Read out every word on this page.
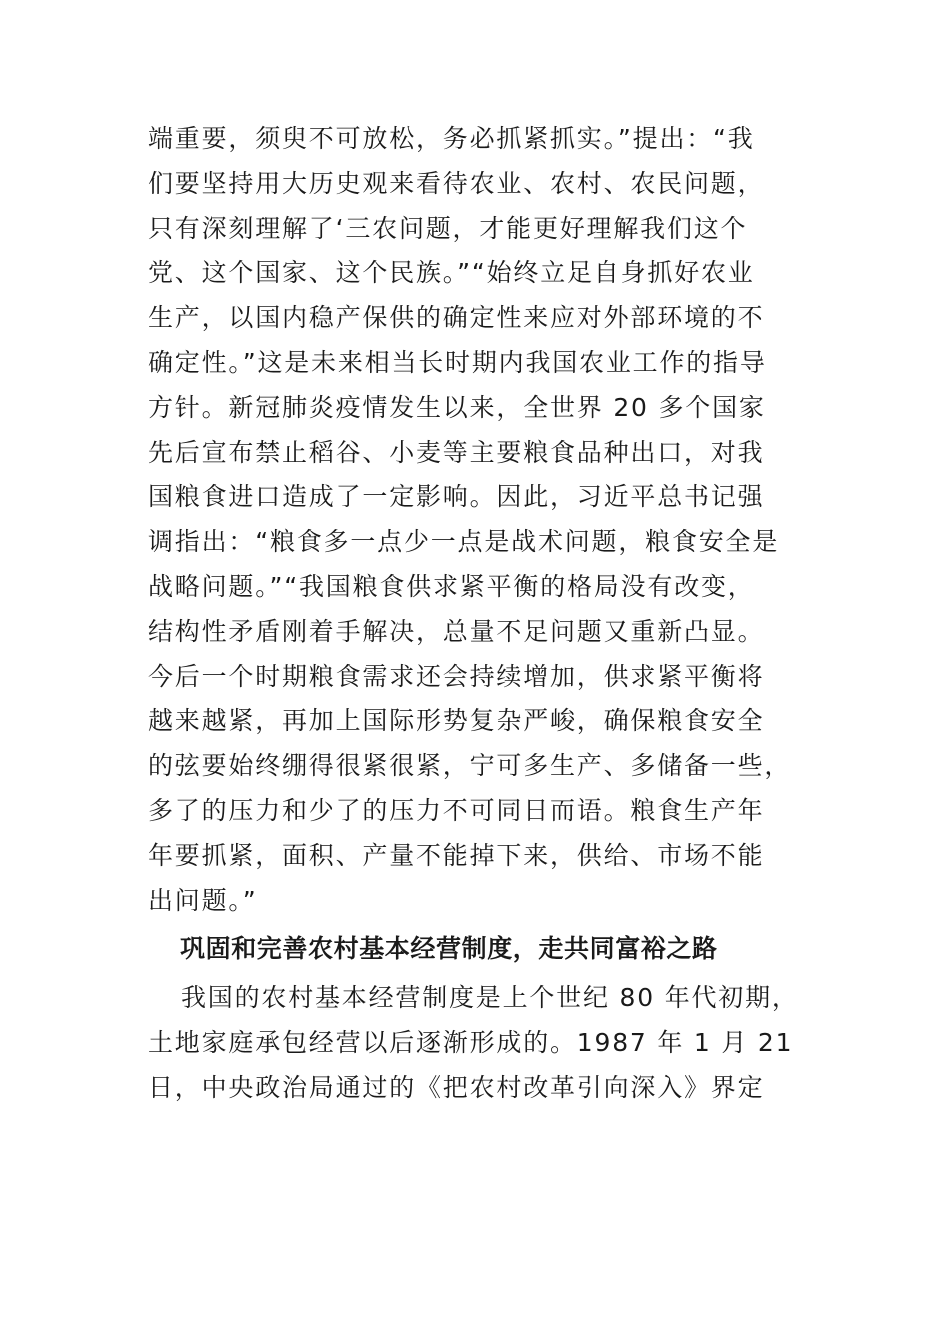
端重要，须臾不可放松，务必抓紧抓实。”提出：“我
们要坚持用大历史观来看待农业、农村、农民问题，
只有深刻理解了‘三农问题，才能更好理解我们这个
党、这个国家、这个民族。”“始终立足自身抓好农业
生产，以国内稳产保供的确定性来应对外部环境的不
确定性。”这是未来相当长时期内我国农业工作的指导
方针。新冠肺炎疫情发生以来，全世界 20 多个国家
先后宣布禁止稻谷、小麦等主要粮食品种出口，对我
国粮食进口造成了一定影响。因此，习近平总书记强
调指出：“粮食多一点少一点是战术问题，粮食安全是
战略问题。”“我国粮食供求紧平衡的格局没有改变，
结构性矛盾刚着手解决，总量不足问题又重新凸显。
今后一个时期粮食需求还会持续增加，供求紧平衡将
越来越紧，再加上国际形势复杂严峻，确保粮食安全
的弦要始终绷得很紧很紧，宁可多生产、多储备一些，
多了的压力和少了的压力不可同日而语。粮食生产年
年要抓紧，面积、产量不能掉下来，供给、市场不能
出问题。”
巩固和完善农村基本经营制度，走共同富裕之路
我国的农村基本经营制度是上个世纪 80 年代初期，
土地家庭承包经营以后逐渐形成的。1987 年 1 月 21
日，中央政治局通过的《把农村改革引向深入》界定
